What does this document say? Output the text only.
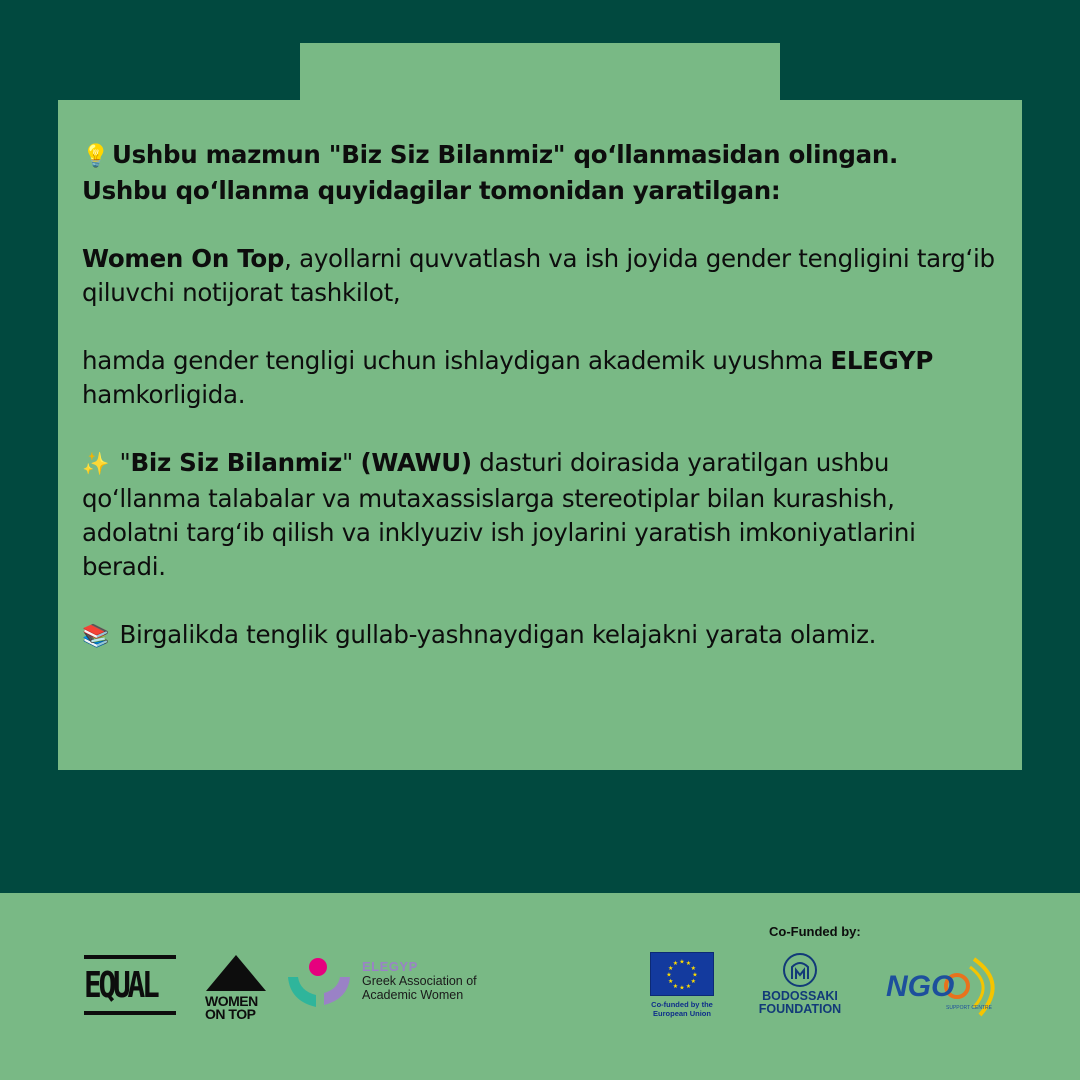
💡 Ushbu mazmun "Biz Siz Bilanmiz" qo‘llanmasidan olingan.
Ushbu qo‘llanma quyidagilar tomonidan yaratilgan:

Women On Top, ayollarni quvvatlash va ish joyida gender tengligini targ‘ib qiluvchi notijorat tashkilot,

hamda gender tengligi uchun ishlaydigan akademik uyushma ELEGYP hamkorligida.

✨ "Biz Siz Bilanmiz" (WAWU) dasturi doirasida yaratilgan ushbu qo‘llanma talabalar va mutaxassislarga stereotiplar bilan kurashish, adolatni targ‘ib qilish va inklyuziv ish joylarini yaratish imkoniyatlarini beradi.

📚 Birgalikda tenglik gullab-yashnaydigan kelajakni yarata olamiz.

EQUAL	WOMEN ON TOP
ELEGYP
Greek Association of Academic Women
Co-Funded by:
★
★
★
★
★
★
★
★
★ ★ ★
★
Co-funded by the European Union
BODOSSAKI FOUNDATION
NGO
SUPPORT CENTRE
